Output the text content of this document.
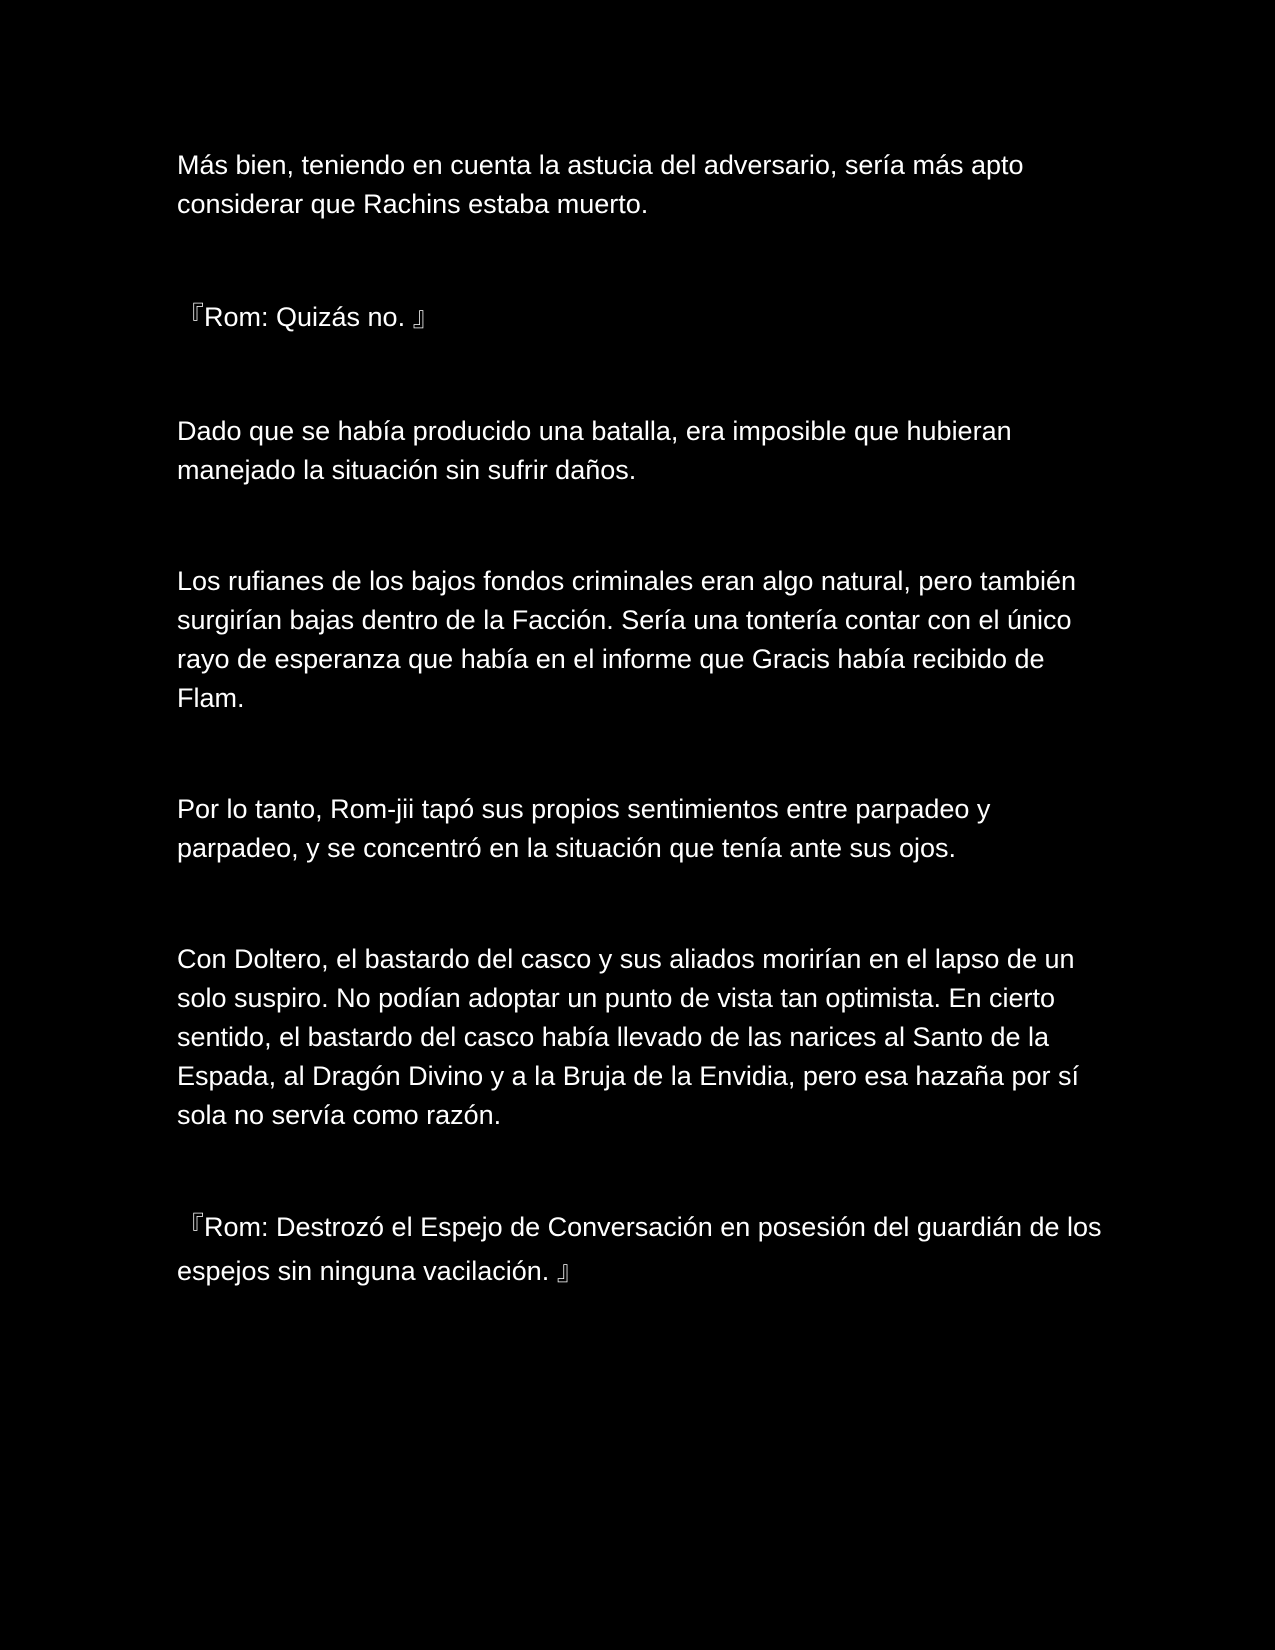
Más bien, teniendo en cuenta la astucia del adversario, sería más apto considerar que Rachins estaba muerto.

『Rom: Quizás no. 』

Dado que se había producido una batalla, era imposible que hubieran manejado la situación sin sufrir daños.

Los rufianes de los bajos fondos criminales eran algo natural, pero también surgirían bajas dentro de la Facción. Sería una tontería contar con el único rayo de esperanza que había en el informe que Gracis había recibido de Flam.

Por lo tanto, Rom-jii tapó sus propios sentimientos entre parpadeo y parpadeo, y se concentró en la situación que tenía ante sus ojos.

Con Doltero, el bastardo del casco y sus aliados morirían en el lapso de un solo suspiro. No podían adoptar un punto de vista tan optimista. En cierto sentido, el bastardo del casco había llevado de las narices al Santo de la Espada, al Dragón Divino y a la Bruja de la Envidia, pero esa hazaña por sí sola no servía como razón.

『Rom: Destrozó el Espejo de Conversación en posesión del guardián de los espejos sin ninguna vacilación. 』
